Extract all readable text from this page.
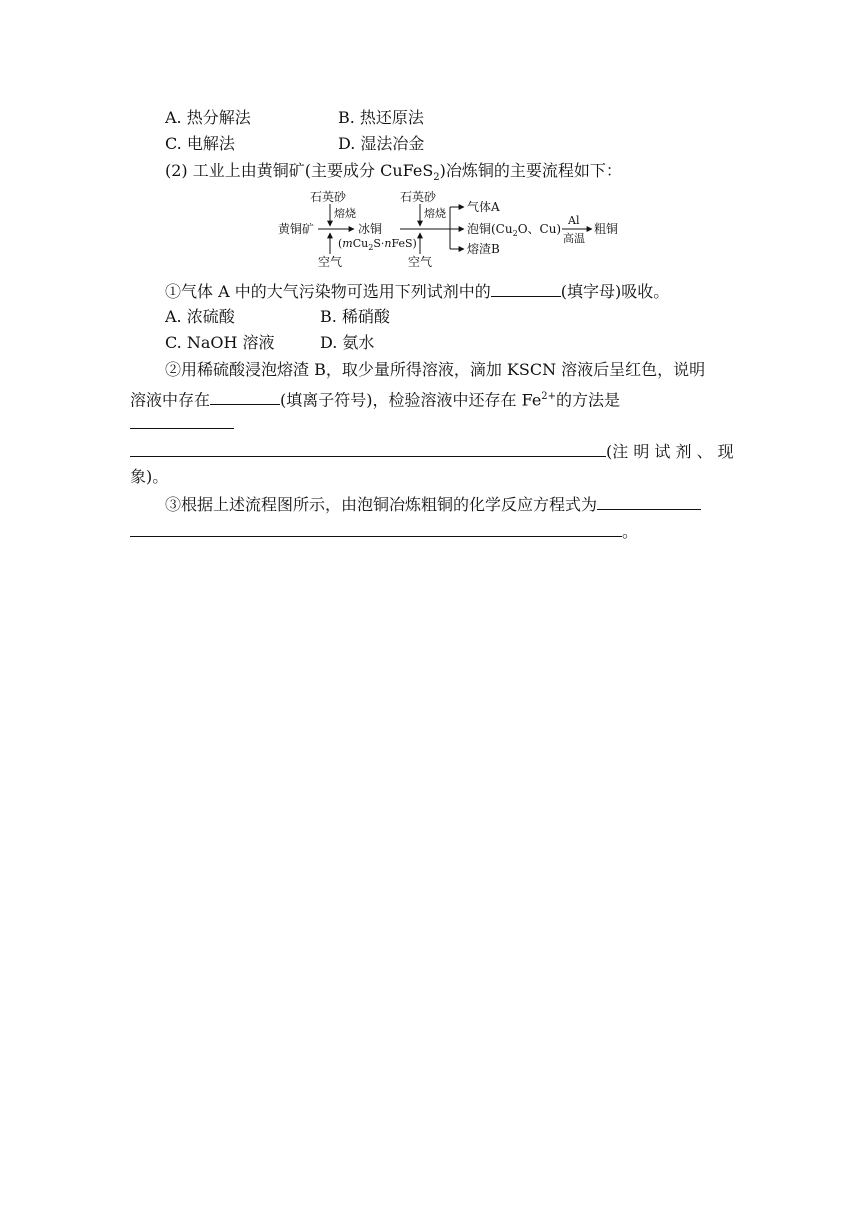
A. 热分解法	B. 热还原法
C. 电解法	D. 湿法冶金
(2) 工业上由黄铜矿(主要成分 CuFeS$_2$)冶炼铜的主要流程如下：
黄铜矿
石英砂
熔烧
空气
冰铜
(mCu$_2$S·nFeS)
石英砂
熔烧
空气
气体A
泡铜($Cu_2O$、Cu)
熔渣B
Al
高温
粗铜
①气体 A 中的大气污染物可选用下列试剂中的	(填字母)吸收。
A. 浓硫酸	B. 稀硝酸
C. NaOH 溶液	D. 氨水
②用稀硫酸浸泡熔渣 B，取少量所得溶液，滴加 KSCN 溶液后呈红色，说明
溶液中存在	(填离子符号)，检验溶液中还存在 $Fe^{2+}$的方法是
(注 明 试 剂 、 现
象)。
③根据上述流程图所示，由泡铜冶炼粗铜的化学反应方程式为
。
